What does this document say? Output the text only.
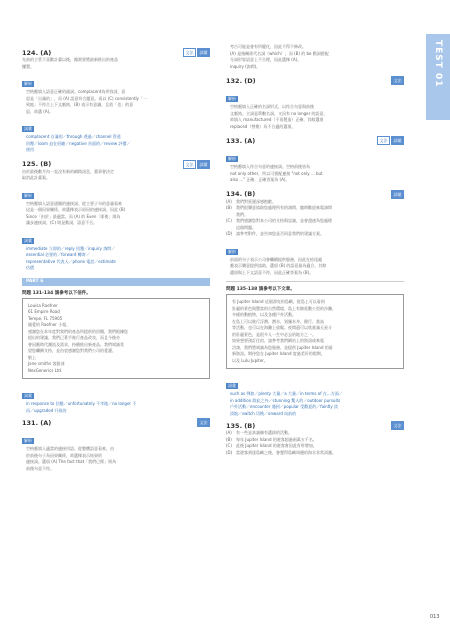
TEST 01
124. (A)	文法	詞彙

先前的主管不喜歡計畫以後，總裁要將最新推出的產品

擱置。

解析

空格應填入語意正確的副詞。complacent為形容詞，意

思是「自滿的」，而 (A) 語意符合題意。再以 (C) consistently「一

致地」不符合上下文脈絡，(B) 表示有意識，且依「也」的意

思，故選 (A)。

詞彙

complacent 自滿的／through 透過／channel 管道

回覆／loom 迫在眉睫／negative 負面的／review 評價／

使用

125. (B)	文法	詞彙

由於最後數月內一直沒有新的網路訊息，董事會決定

取消此計畫案。

解析

空格應填入語意通順的連接詞。從主要子句的意義看來

這是一個因果關係，故選擇表示原因的連接詞。因此 (B)

Since「由於」最適當。而 (A) 的 Even「即使」則為

讓步連接詞，(C) 則是動詞，語意不合。

詞彙

immediate 立即的／reply 回覆／inquiry 詢問／

essential 必要的／forward 轉寄／

representative 代表人／phone 電話／estimate

估價

PART 6
問題 131-134 請參考以下信件。

Louisa Raefner

61 Empire Road

Tempe, FL 75905

親愛的 Raefner 小姐，

感謝您在本年度對我們的產品所提供的回饋，我們根據您

提出的建議，我們已著手進行產品改良，而且今後亦

會因應時代潮流及需求，持續推出新產品。我們竭誠希

望您繼續支持，並由衷感謝您對我們公司的愛護。

敬上

Jane smiths 客服部

NexGenerics Ltd.

詞彙

in response to 回應／unfortunately 不幸地／no longer 不

再／upgraded 升級的

131. (A)	文法
解析

空格應填入適當的連接用語。從整體語意看來，由

於前後句子為因果關係，故選擇表示結果的

連接詞。選項 (A) The fact that「我們已經」則為

前後句意不符。

考古可能是會有所變化，因此不得不修改。

(A) 是指關係代名詞（which），而 (B) 的 be 動詞搭配

分詞形容語意上不合理，因此選擇 (A)。

inquiry (詢問)。

132. (D)	文法
解析

空格應填入正確的名詞形式，以符合句意與前後

文脈絡。主詞是單數名詞，又因有 no longer 的語意，

故填入 manufactured（不再製造）正確，其餘選項

replaced（替換）為不合適的選項。

133. (A)	文法	詞彙
解析

空格應填入符合句意的連接詞。空格前後皆為

not only other，所以可搭配連接 "not only ... but

also ..." 正確，正確答案為 (A)。

134. (B)	詞彙
(A)	我們對延遲深感抱歉。
(B)	我們很樂意協助您處理所有的詢問，隨時歡迎來電詢問
我們。
(C)	我們感謝您對本公司的支持與忠誠，並會盡速為您處理
這個問題。
(D) 請參考附件，並告知您是否同意我們的建議方案。
解析

前面的句子表示公司會繼續提供服務，因此在結尾處

應表示樂意提供協助，選項 (B) 的語意最為適合，其餘

選項與上下文語意不符，因此正確答案為 (B)。

問題 135-138 請參考以下文章。

有 Jupiter Island 這個漂亮的島嶼，從島上可以看到

壯麗的景色與豐富的自然環境，島上有綿延數公里的沙灘，

多樣的動植物，以及各種戶外活動。

在島上可以進行浮潛、潛水、划獨木舟、健行、賞鳥

等活動，也可以在海灘上放鬆。夜間還可以欣賞滿天星斗

的壯麗景色，是很多人一生中必去的地方之一。

如果想要預訂住宿，請參考我們網站上的資訊或來電

洽詢，我們將竭誠為您服務，並提供 Jupiter Island 的最

新資訊。期待您在 Jupiter Island 度過美好的假期，

以及 Lulu Jupiter。

詞彙

such as 例如／plenty 大量／a 大量／in terms of 在...方面／

in addition 除此之外／stunning 驚人的／outdoor pursuits

戶外活動／encounter 遇到／popular 受歡迎的／faintly 淡

淡地／switch 切換／onward 向前的

135. (B)	文法
(A)	有一些是真誠擁有選拔的活動。
(B)	每年 Jupiter Island 的遊客超過兩萬五千名。
(C)	此後 Jupiter Island 的遊客會因此有所增加。
(D) 當遊客到達島嶼之後，會覺得島嶼周邊的海水非常清澈。
013
